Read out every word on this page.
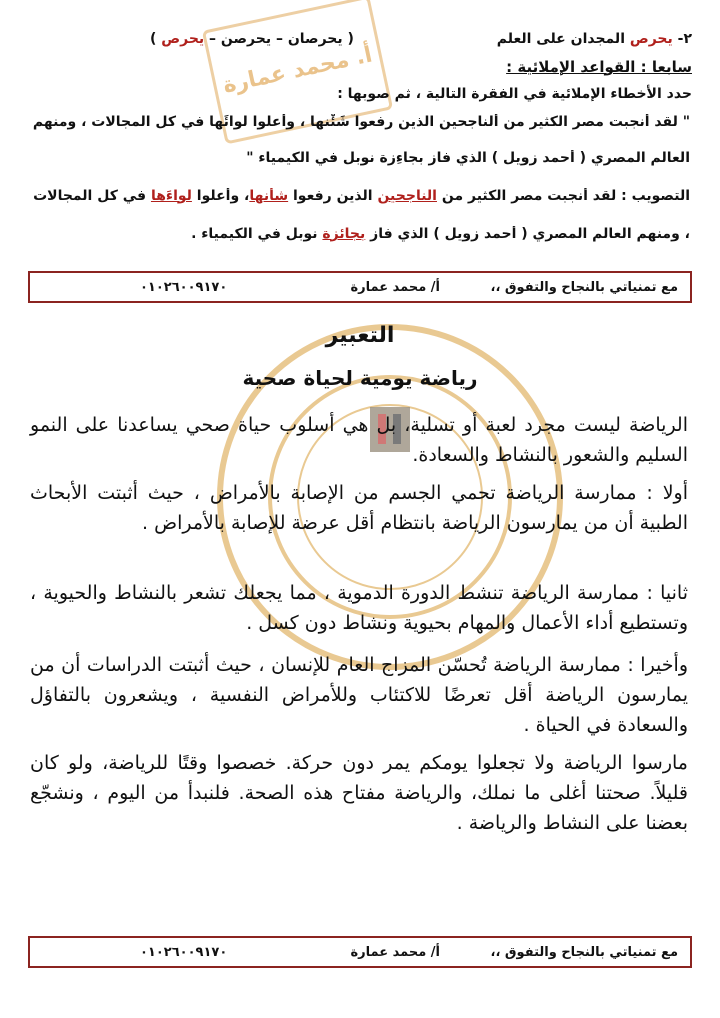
أ. محمد عمارة
٢- يحرص المجدان على العلم
( يحرصان – يحرصن – يحرص )
سابعا : القواعد الإملائية :
حدد الأخطاء الإملائية في الفقرة التالية ، ثم صوبها :
" لقد أنجبت مصر الكثير من ألناجحين الذين رفعوا شَئْنها ، وأعلوا لوائَها في كل المجالات ، ومنهم
العالم المصري ( أحمد زويل ) الذي فاز بجاءِزة نوبل في الكيمياء "
التصويب : لقد أنجبت مصر الكثير من الناجحين الذين رفعوا شأنها، وأعلوا لواءَها في كل المجالات
، ومنهم العالم المصري ( أحمد زويل ) الذي فاز بجائزة نوبل في الكيمياء .
مع تمنياتي بالنجاح والتفوق ،،
أ/ محمد عمارة
٠١٠٢٦٠٠٩١٧٠
التعبير
رياضة يومية لحياة صحية

الرياضة ليست مجرد لعبة أو تسلية، بل هي أسلوب حياة صحي يساعدنا على النمو السليم والشعور بالنشاط والسعادة.

أولا : ممارسة الرياضة تحمي الجسم من الإصابة بالأمراض ، حيث أثبتت الأبحاث الطبية أن من يمارسون الرياضة بانتظام أقل عرضة للإصابة بالأمراض .

ثانيا : ممارسة الرياضة تنشط الدورة الدموية ، مما يجعلك تشعر بالنشاط والحيوية ، وتستطيع أداء الأعمال والمهام بحيوية ونشاط دون كسل .

وأخيرا : ممارسة الرياضة تُحسّن المزاج العام للإنسان ، حيث أثبتت الدراسات أن من يمارسون الرياضة أقل تعرضًا للاكتئاب وللأمراض النفسية ، ويشعرون بالتفاؤل والسعادة في الحياة .

مارسوا الرياضة ولا تجعلوا يومكم يمر دون حركة. خصصوا وقتًا للرياضة، ولو كان قليلاً. صحتنا أغلى ما نملك، والرياضة مفتاح هذه الصحة. فلنبدأ من اليوم ، ونشجّع بعضنا على النشاط والرياضة .

مع تمنياتي بالنجاح والتفوق ،،
أ/ محمد عمارة
٠١٠٢٦٠٠٩١٧٠
